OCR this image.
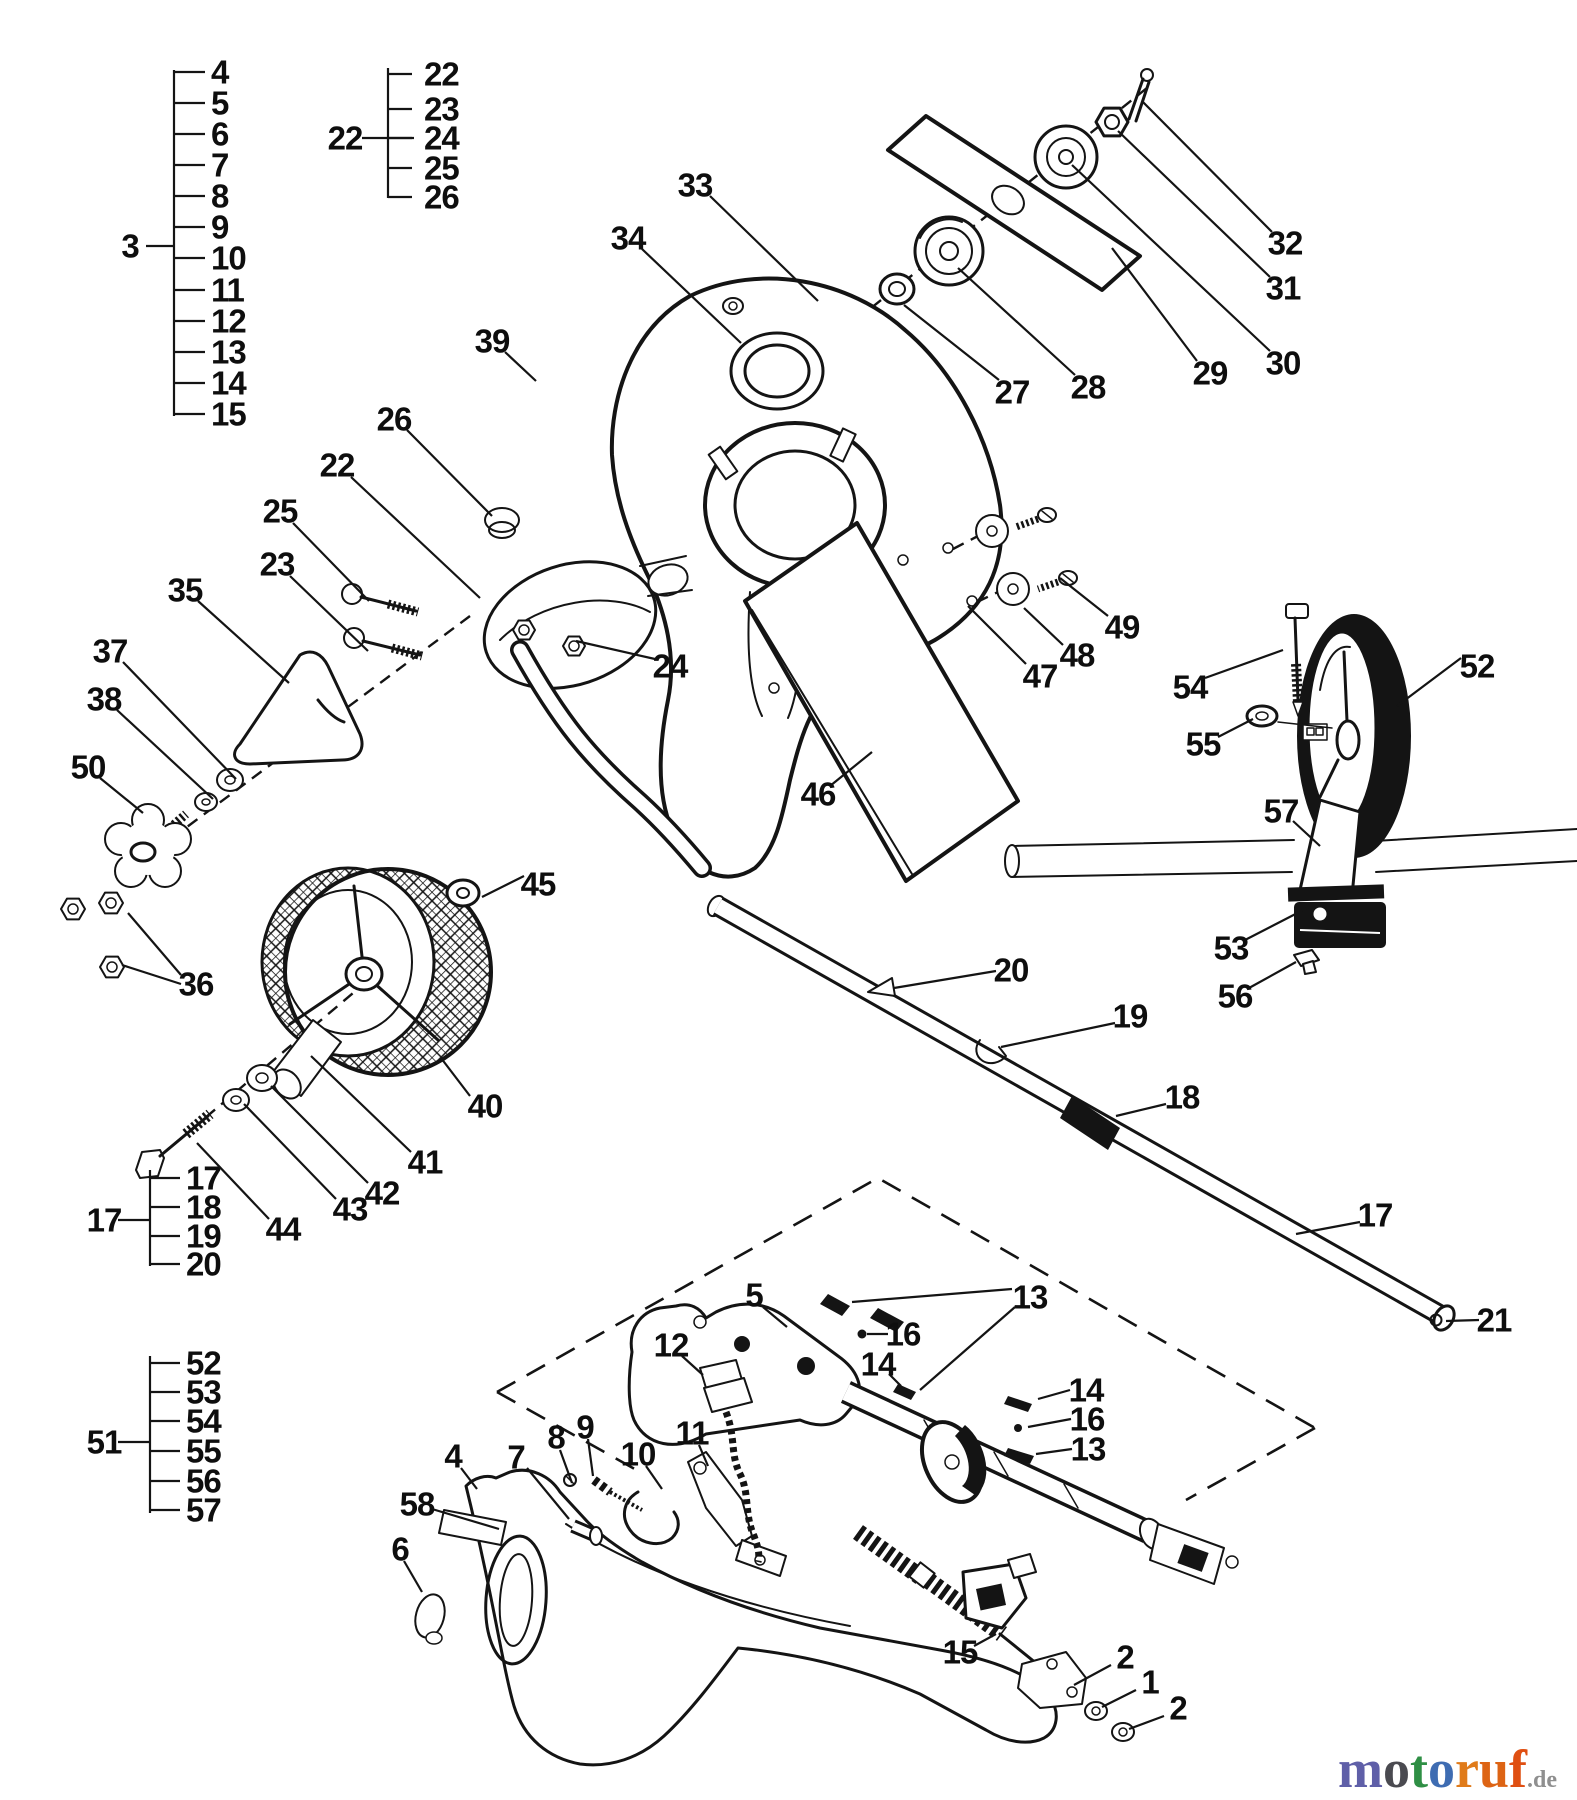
4
5
6
7
8
9
10
11
12
13
14
15
3
22
23
24
25
26
22
17
18
19
20
17
52
53
54
55
56
57
51
33
34
39
26
22
25
23
35
37
38
50
36
24
27 28	29 30
31
32
49
48
47
46
52
54
55
57
53
56
20
19
18
17
21
45
40
41
42
43
44
5
12
13
16
14
14
16
13
9
8
7
4
58
6
10
11
15	2
1
2
motoruf.de
